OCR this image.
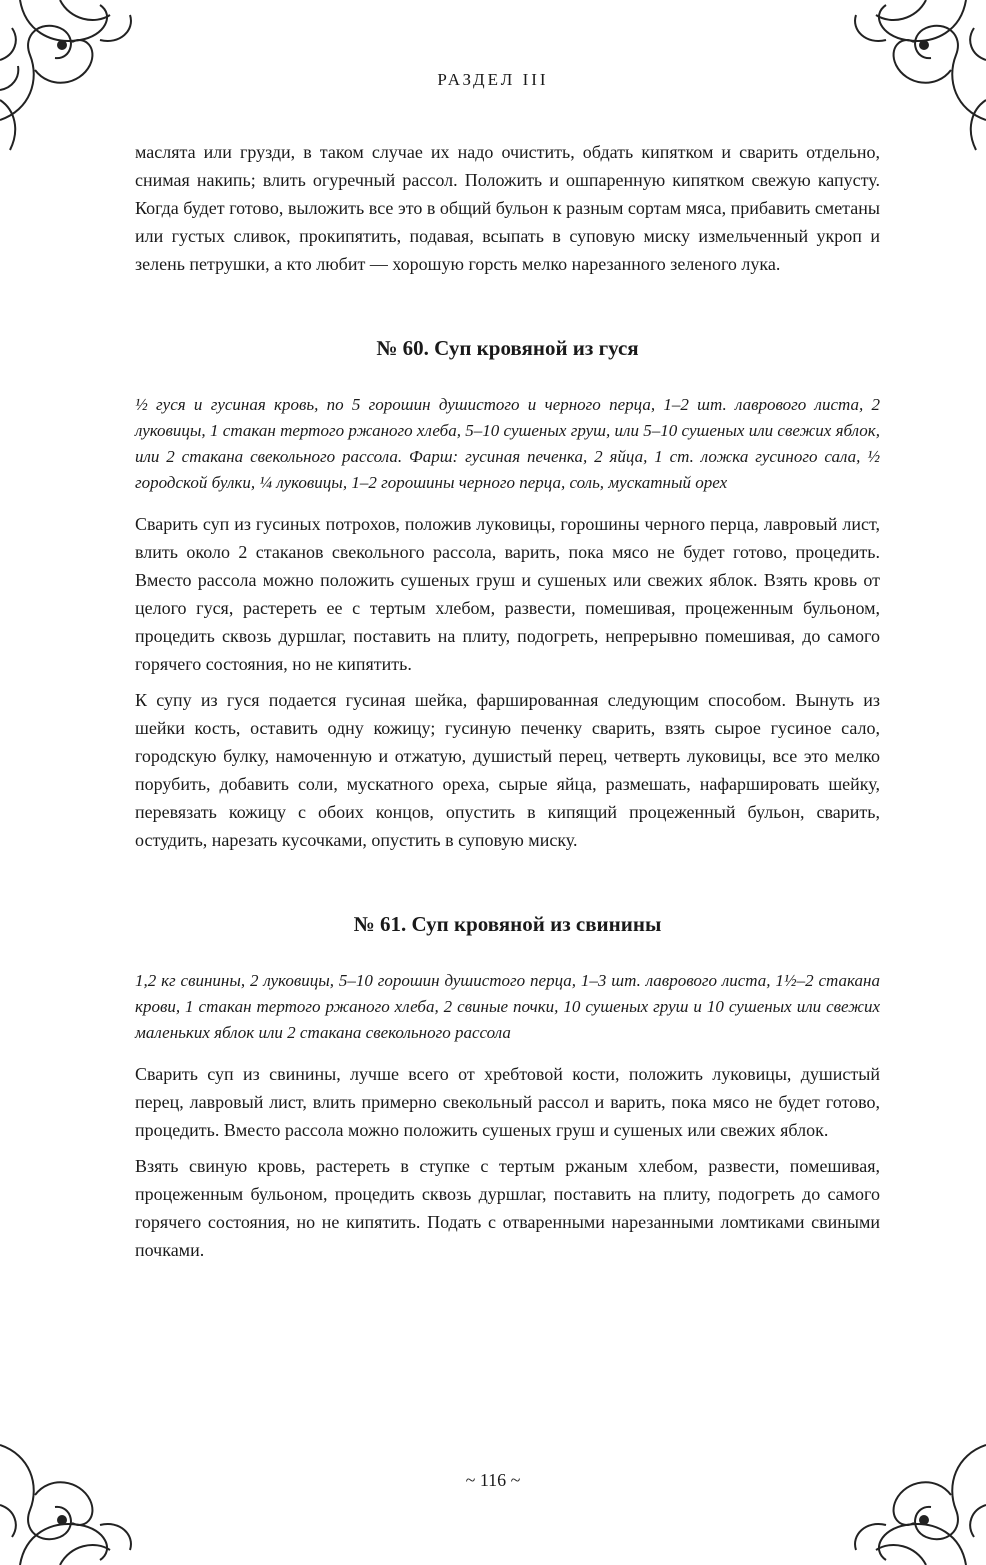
РАЗДЕЛ III

маслята или грузди, в таком случае их надо очистить, обдать кипятком и сварить отдельно, снимая накипь; влить огуречный рассол. Положить и ошпаренную кипятком свежую капусту. Когда будет готово, выложить все это в общий бульон к разным сортам мяса, прибавить сметаны или густых сливок, прокипятить, подавая, всыпать в суповую миску измельченный укроп и зелень петрушки, а кто любит — хорошую горсть мелко нарезанного зеленого лука.

№ 60. Суп кровяной из гуся

½ гуся и гусиная кровь, по 5 горошин душистого и черного перца, 1–2 шт. лаврового листа, 2 луковицы, 1 стакан тертого ржаного хлеба, 5–10 сушеных груш, или 5–10 сушеных или свежих яблок, или 2 стакана свекольного рассола. Фарш: гусиная печенка, 2 яйца, 1 ст. ложка гусиного сала, ½ городской булки, ¼ луковицы, 1–2 горошины черного перца, соль, мускатный орех

Сварить суп из гусиных потрохов, положив луковицы, горошины черного перца, лавровый лист, влить около 2 стаканов свекольного рассола, варить, пока мясо не будет готово, процедить. Вместо рассола можно положить сушеных груш и сушеных или свежих яблок. Взять кровь от целого гуся, растереть ее с тертым хлебом, развести, помешивая, процеженным бульоном, процедить сквозь дуршлаг, поставить на плиту, подогреть, непрерывно помешивая, до самого горячего состояния, но не кипятить.

К супу из гуся подается гусиная шейка, фаршированная следующим способом. Вынуть из шейки кость, оставить одну кожицу; гусиную печенку сварить, взять сырое гусиное сало, городскую булку, намоченную и отжатую, душистый перец, четверть луковицы, все это мелко порубить, добавить соли, мускатного ореха, сырые яйца, размешать, нафаршировать шейку, перевязать кожицу с обоих концов, опустить в кипящий процеженный бульон, сварить, остудить, нарезать кусочками, опустить в суповую миску.

№ 61. Суп кровяной из свинины

1,2 кг свинины, 2 луковицы, 5–10 горошин душистого перца, 1–3 шт. лаврового листа, 1½–2 стакана крови, 1 стакан тертого ржаного хлеба, 2 свиные почки, 10 сушеных груш и 10 сушеных или свежих маленьких яблок или 2 стакана свекольного рассола

Сварить суп из свинины, лучше всего от хребтовой кости, положить луковицы, душистый перец, лавровый лист, влить примерно свекольный рассол и варить, пока мясо не будет готово, процедить. Вместо рассола можно положить сушеных груш и сушеных или свежих яблок.

Взять свиную кровь, растереть в ступке с тертым ржаным хлебом, развести, помешивая, процеженным бульоном, процедить сквозь дуршлаг, поставить на плиту, подогреть до самого горячего состояния, но не кипятить. Подать с отваренными нарезанными ломтиками свиными почками.

~ 116 ~
